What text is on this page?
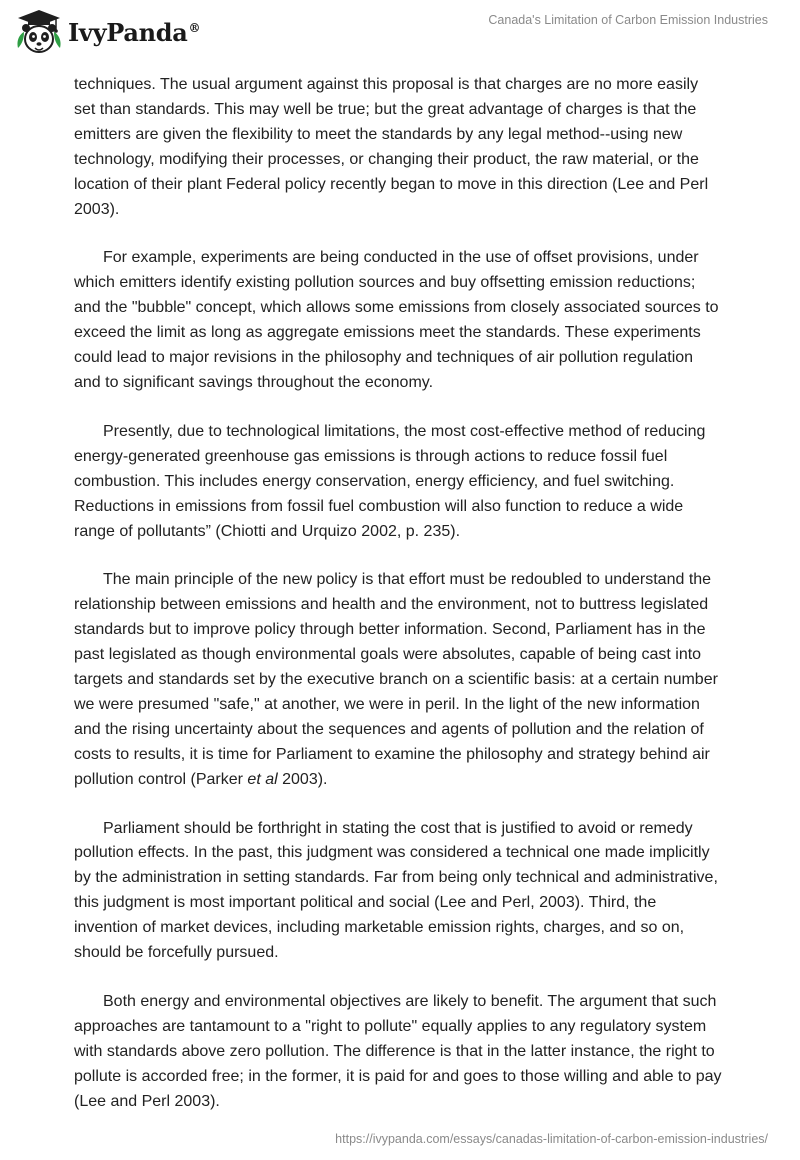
IvyPanda®
Canada's Limitation of Carbon Emission Industries

techniques. The usual argument against this proposal is that charges are no more easily set than standards. This may well be true; but the great advantage of charges is that the emitters are given the flexibility to meet the standards by any legal method--using new technology, modifying their processes, or changing their product, the raw material, or the location of their plant Federal policy recently began to move in this direction (Lee and Perl 2003).

For example, experiments are being conducted in the use of offset provisions, under which emitters identify existing pollution sources and buy offsetting emission reductions; and the "bubble" concept, which allows some emissions from closely associated sources to exceed the limit as long as aggregate emissions meet the standards. These experiments could lead to major revisions in the philosophy and techniques of air pollution regulation and to significant savings throughout the economy.

Presently, due to technological limitations, the most cost-effective method of reducing energy-generated greenhouse gas emissions is through actions to reduce fossil fuel combustion. This includes energy conservation, energy efficiency, and fuel switching. Reductions in emissions from fossil fuel combustion will also function to reduce a wide range of pollutants” (Chiotti and Urquizo 2002, p. 235).

The main principle of the new policy is that effort must be redoubled to understand the relationship between emissions and health and the environment, not to buttress legislated standards but to improve policy through better information. Second, Parliament has in the past legislated as though environmental goals were absolutes, capable of being cast into targets and standards set by the executive branch on a scientific basis: at a certain number we were presumed "safe," at another, we were in peril. In the light of the new information and the rising uncertainty about the sequences and agents of pollution and the relation of costs to results, it is time for Parliament to examine the philosophy and strategy behind air pollution control (Parker et al 2003).

Parliament should be forthright in stating the cost that is justified to avoid or remedy pollution effects. In the past, this judgment was considered a technical one made implicitly by the administration in setting standards. Far from being only technical and administrative, this judgment is most important political and social (Lee and Perl, 2003). Third, the invention of market devices, including marketable emission rights, charges, and so on, should be forcefully pursued.

Both energy and environmental objectives are likely to benefit. The argument that such approaches are tantamount to a "right to pollute" equally applies to any regulatory system with standards above zero pollution. The difference is that in the latter instance, the right to pollute is accorded free; in the former, it is paid for and goes to those willing and able to pay (Lee and Perl 2003).

https://ivypanda.com/essays/canadas-limitation-of-carbon-emission-industries/
